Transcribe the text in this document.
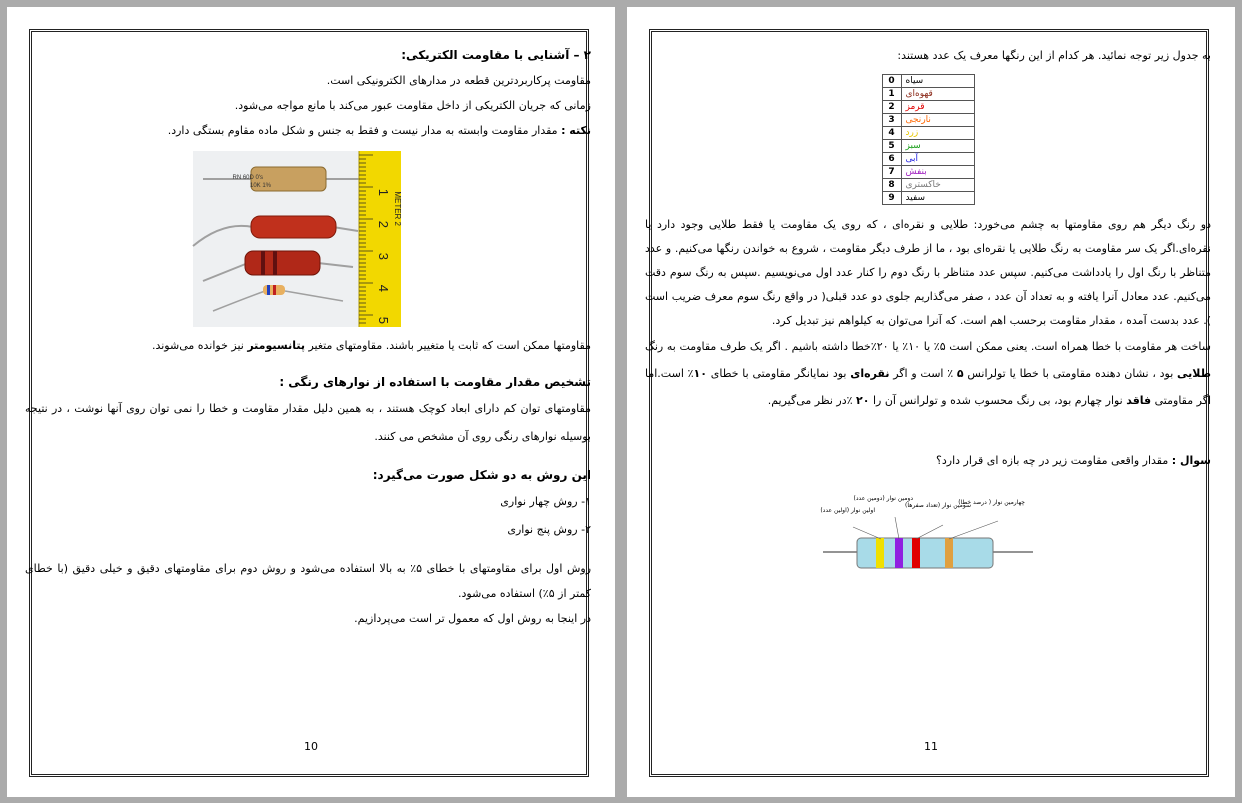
۲ – آشنایی با مقاومت الکتریکی:

مقاومت پرکاربردترین قطعه در مدارهای الکترونیکی است.

زمانی که جریان الکتریکی از داخل مقاومت عبور می‌کند با مانع مواجه می‌شود.

نکته : مقدار مقاومت وابسته به مدار نیست و فقط به جنس و شکل ماده مقاوم بستگی دارد.

RN 60D 0's
10K 1%
2 METER
1
2
3
4
5

مقاومتها ممکن است که ثابت یا متغییر باشند. مقاومتهای متغیر پتانسیومتر نیز خوانده می‌شوند.

تشخیص مقدار مقاومت با استفاده از نوارهای رنگی :

مقاومتهای توان کم دارای ابعاد کوچک هستند ، به همین دلیل مقدار مقاومت و خطا را نمی توان روی آنها نوشت ، در نتیجه بوسیله نوارهای رنگی روی آن مشخص می کنند.

این روش به دو شکل صورت می‌گیرد:

۱- روش چهار نواری

۲- روش پنج نواری

روش اول برای مقاومتهای با خطای ۵٪ به بالا استفاده می‌شود و روش دوم برای مقاومتهای دقیق و خیلی دقیق (با خطای کمتر از ۵٪) استفاده می‌شود.

در اینجا به روش اول که معمول تر است می‌پردازیم.

10

به جدول زیر توجه نمائید. هر کدام از این رنگها معرف یک عدد هستند:

0	سیاه
1	قهوه‌ای
2	قرمز
3	نارنجی
4	زرد
5	سبز
6	آبی
7	بنفش
8	خاکستری
9	سفید

دو رنگ دیگر هم روی مقاومتها به چشم می‌خورد: طلایی و نقره‌ای ، که روی یک مقاومت یا فقط طلایی وجود دارد یا نقره‌ای.اگر یک سر مقاومت به رنگ طلایی یا نقره‌ای بود ، ما از طرف دیگر مقاومت ، شروع به خواندن رنگها می‌کنیم. و عدد متناظر با رنگ اول را یادداشت می‌کنیم. سپس عدد متناظر با رنگ دوم را کنار عدد اول می‌نویسیم .سپس به رنگ سوم دقت می‌کنیم. عدد معادل آنرا یافته و به تعداد آن عدد ، صفر می‌گذاریم جلوی دو عدد قبلی( در واقع رنگ سوم معرف ضریب است ). عدد بدست آمده ، مقدار مقاومت برحسب اهم است. که آنرا می‌توان به کیلواهم نیز تبدیل کرد.

ساخت هر مقاومت با خطا همراه است. یعنی ممکن است ۵٪ یا ۱۰٪ یا ۲۰٪خطا داشته باشیم . اگر یک طرف مقاومت به رنگ طلایی بود ، نشان دهنده مقاومتی با خطا یا تولرانس ۵ ٪ است و اگر نقره‌ای بود نمایانگر مقاومتی با خطای ۱۰٪ است.اما اگر مقاومتی فاقد نوار چهارم بود، بی رنگ محسوب شده و تولرانس آن را ۲۰ ٪در نظر می‌گیریم.

سوال : مقدار واقعی مقاومت زیر در چه بازه ای قرار دارد؟

اولین نوار (اولین عدد)
دومین نوار (دومین عدد)
سومین نوار (تعداد صفرها)
چهارمین نوار ( درصد خطا)
11
